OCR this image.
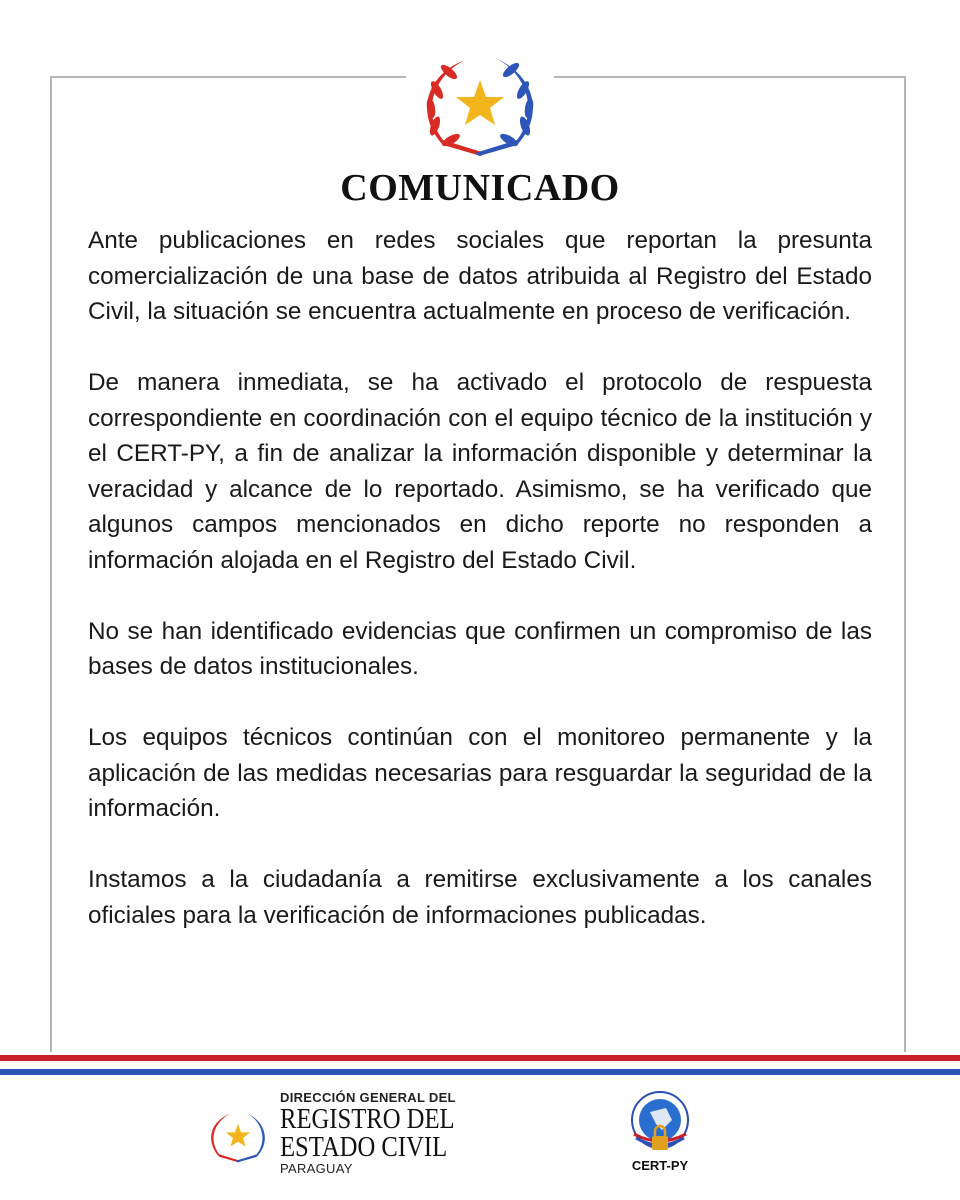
COMUNICADO

Ante publicaciones en redes sociales que reportan la presunta comercialización de una base de datos atribuida al Registro del Estado Civil, la situación se encuentra actualmente en proceso de verificación.

De manera inmediata, se ha activado el protocolo de respuesta correspondiente en coordinación con el equipo técnico de la institución y el CERT-PY, a fin de analizar la información disponible y determinar la veracidad y alcance de lo reportado. Asimismo, se ha verificado que algunos campos mencionados en dicho reporte no responden a información alojada en el Registro del Estado Civil.

No se han identificado evidencias que confirmen un compromiso de las bases de datos institucionales.

Los equipos técnicos continúan con el monitoreo permanente y la aplicación de las medidas necesarias para resguardar la seguridad de la información.

Instamos a la ciudadanía a remitirse exclusivamente a los canales oficiales para la verificación de informaciones publicadas.

DIRECCIÓN GENERAL DEL
REGISTRO DEL
ESTADO CIVIL
PARAGUAY	CERT-PY
